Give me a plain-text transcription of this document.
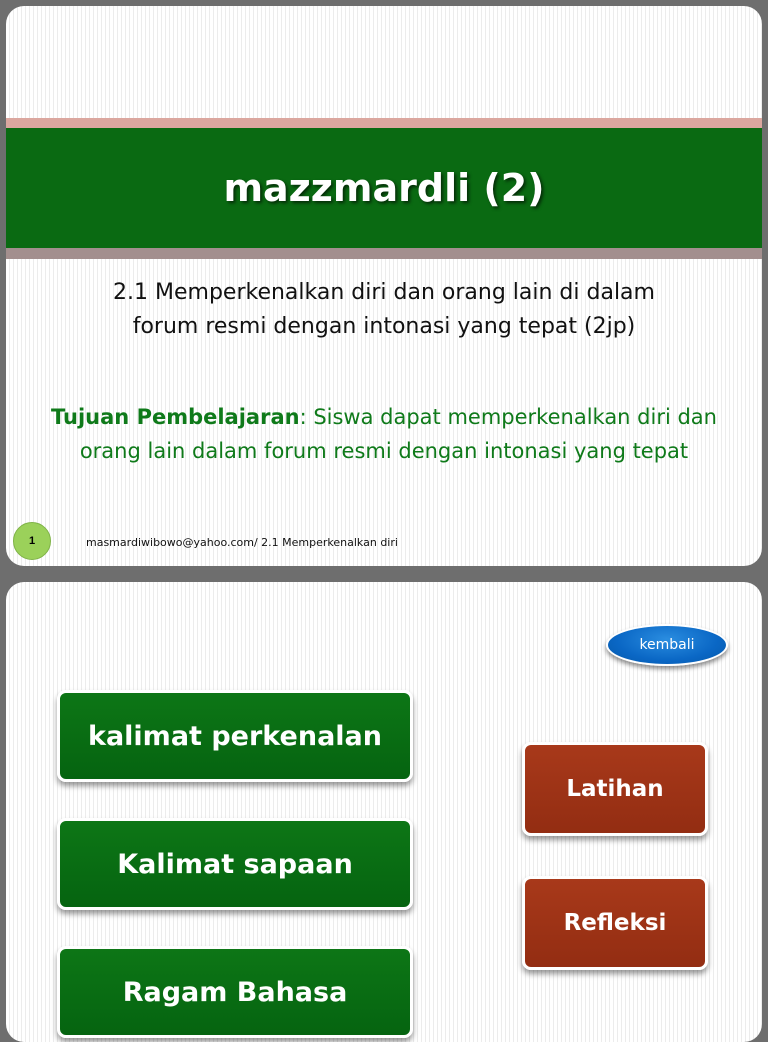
mazzmardli (2)
2.1 Memperkenalkan diri dan orang lain di dalam
forum resmi dengan intonasi yang tepat (2jp)
Tujuan Pembelajaran: Siswa dapat memperkenalkan diri dan
orang lain dalam forum resmi dengan intonasi yang tepat
1	masmardiwibowo@yahoo.com/ 2.1 Memperkenalkan diri
kembali
kalimat perkenalan
Kalimat sapaan
Ragam Bahasa
Latihan
Refleksi
